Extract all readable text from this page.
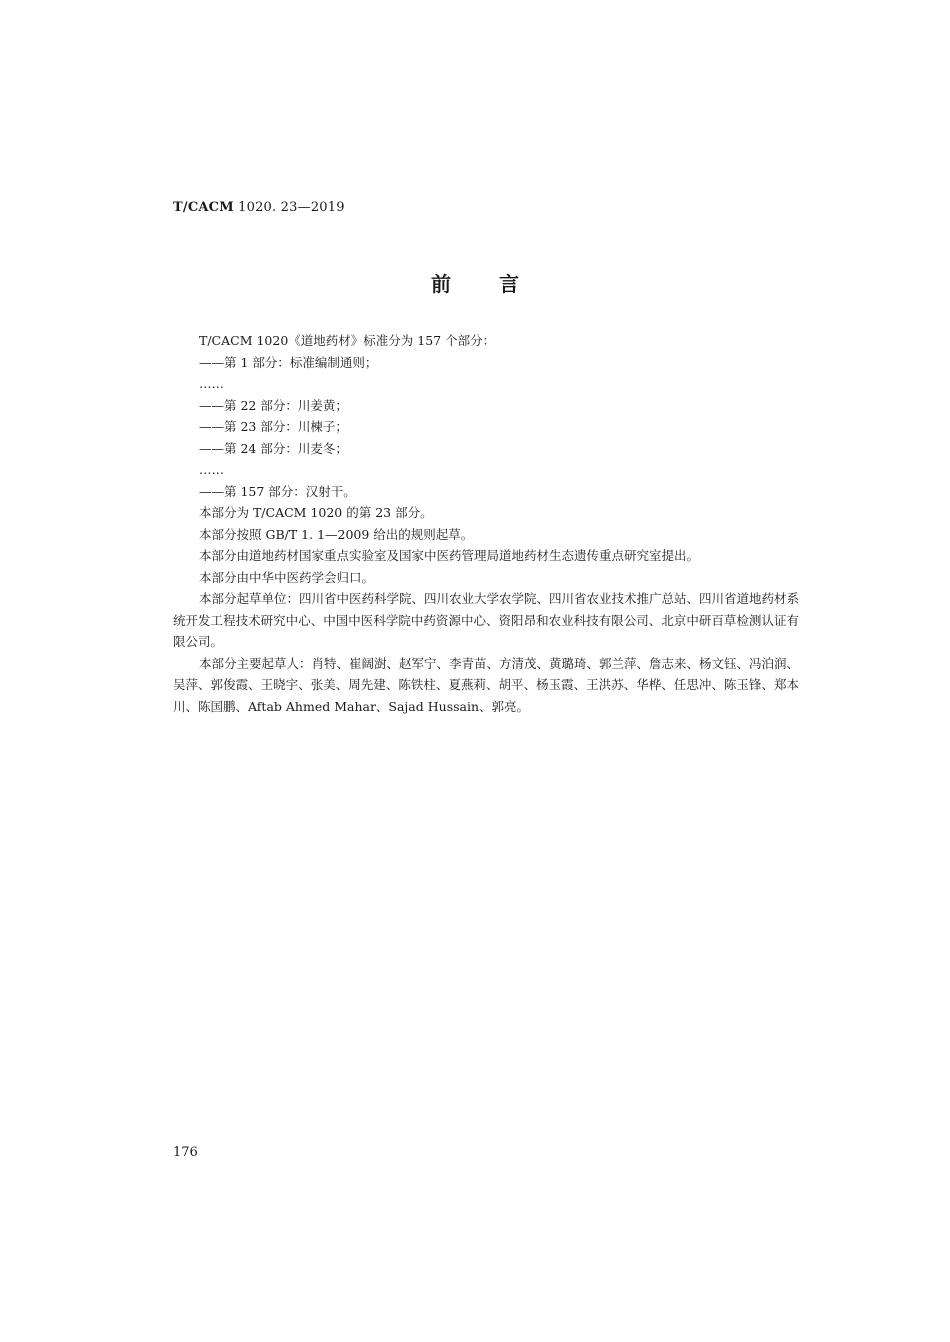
T/CACM 1020. 23—2019
前言

T/CACM 1020《道地药材》标准分为 157 个部分：

——第 1 部分：标准编制通则；

……

——第 22 部分：川姜黄；

——第 23 部分：川楝子；

——第 24 部分：川麦冬；

……

——第 157 部分：汉射干。

本部分为 T/CACM 1020 的第 23 部分。

本部分按照 GB/T 1. 1—2009 给出的规则起草。

本部分由道地药材国家重点实验室及国家中医药管理局道地药材生态遗传重点研究室提出。

本部分由中华中医药学会归口。

本部分起草单位：四川省中医药科学院、四川农业大学农学院、四川省农业技术推广总站、四川省道地药材系统开发工程技术研究中心、中国中医科学院中药资源中心、资阳昂和农业科技有限公司、北京中研百草检测认证有限公司。

本部分主要起草人：肖特、崔阔澍、赵军宁、李青苗、方清茂、黄璐琦、郭兰萍、詹志来、杨文钰、冯泊润、吴萍、郭俊霞、王晓宇、张美、周先建、陈铁柱、夏燕莉、胡平、杨玉霞、王洪苏、华桦、任思冲、陈玉锋、郑本川、陈国鹏、Aftab Ahmed Mahar、Sajad Hussain、郭亮。

176
